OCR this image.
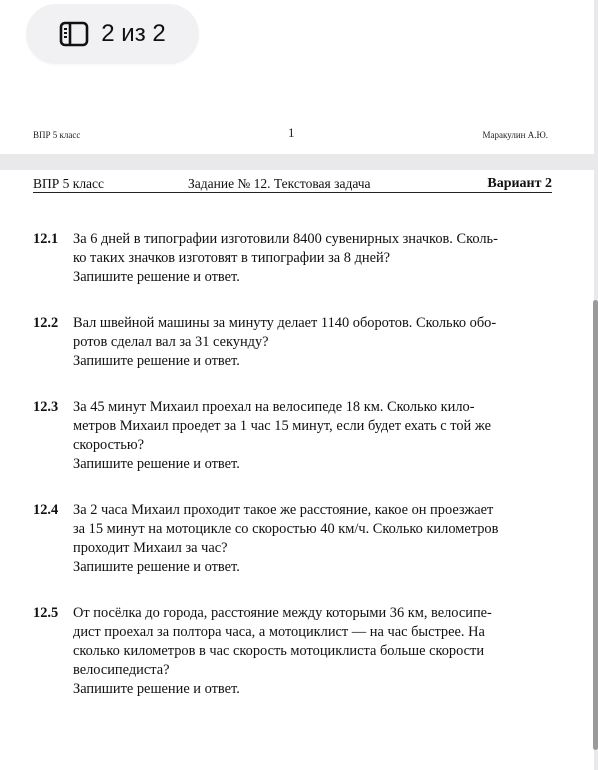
ВПР 5 класс	1	Маракулин А.Ю.
2 из 2
ВПР 5 класс	Задание № 12. Текстовая задача	Вариант 2
12.1	За 6 дней в типографии изготовили 8400 сувенирных значков. Сколь-
ко таких значков изготовят в типографии за 8 дней?
Запишите решение и ответ.
12.2	Вал швейной машины за минуту делает 1140 оборотов. Сколько обо-
ротов сделал вал за 31 секунду?
Запишите решение и ответ.
12.3	За 45 минут Михаил проехал на велосипеде 18 км. Сколько кило-
метров Михаил проедет за 1 час 15 минут, если будет ехать с той же
скоростью?
Запишите решение и ответ.
12.4	За 2 часа Михаил проходит такое же расстояние, какое он проезжает
за 15 минут на мотоцикле со скоростью 40 км/ч. Сколько километров
проходит Михаил за час?
Запишите решение и ответ.
12.5	От посёлка до города, расстояние между которыми 36 км, велосипе-
дист проехал за полтора часа, а мотоциклист — на час быстрее. На
сколько километров в час скорость мотоциклиста больше скорости
велосипедиста?
Запишите решение и ответ.
